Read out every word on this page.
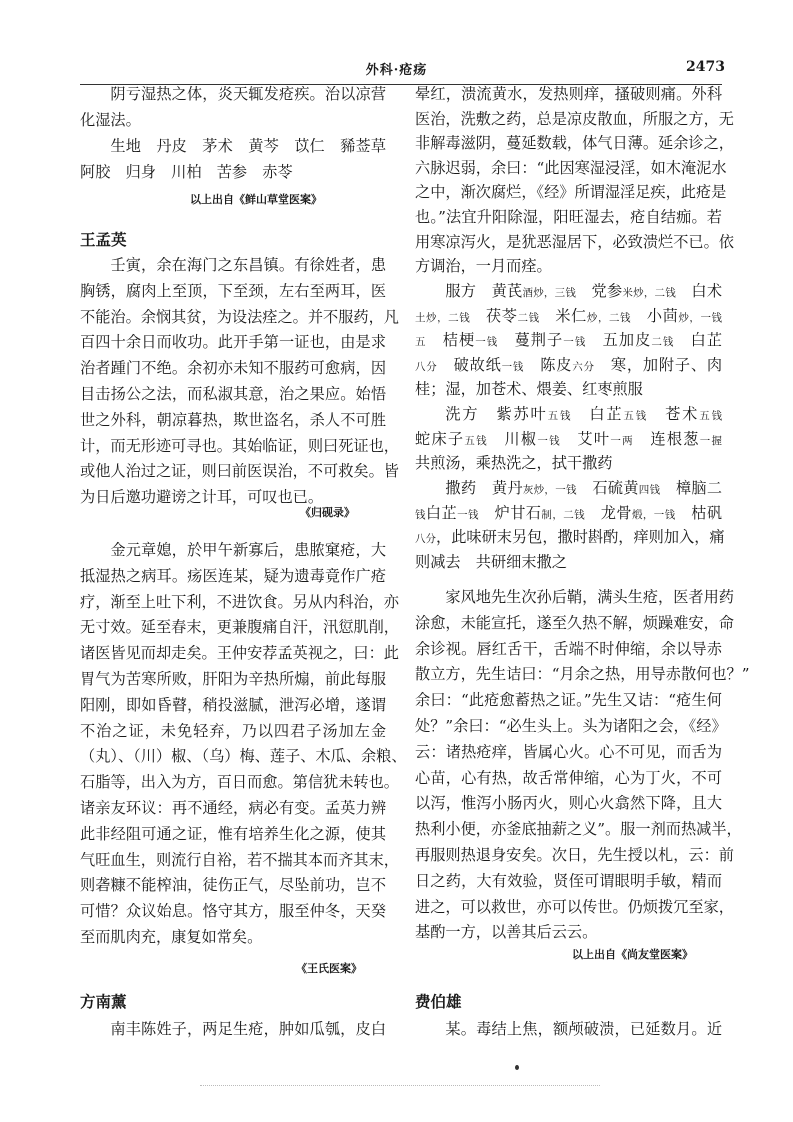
外科·疮疡	2473
阴亏湿热之体，炎天辄发疮疾。治以凉营
化湿法。
生地　丹皮　茅术　黄芩　苡仁　豨莶草
阿胶　归身　川柏　苦参　赤苓
以上出自《鲜山草堂医案》
王孟英
壬寅，余在海门之东昌镇。有徐姓者，患
胸锈，腐肉上至顶，下至颈，左右至两耳，医
不能治。余悯其贫，为设法痊之。并不服药，凡
百四十余日而收功。此开手第一证也，由是求
治者踵门不绝。余初亦未知不服药可愈病，因
目击扬公之法，而私淑其意，治之果应。始悟
世之外科，朝凉暮热，欺世盗名，杀人不可胜
计，而无形迹可寻也。其始临证，则曰死证也，
或他人治过之证，则曰前医误治，不可救矣。皆
为日后邀功避谤之计耳，可叹也已。
《归砚录》
金元章媳，於甲午新寡后，患脓窠疮，大
抵湿热之病耳。疡医连某，疑为遗毒竟作广疮
疗，渐至上吐下利，不进饮食。另从内科治，亦
无寸效。延至春末，更兼腹痛自汗，汛愆肌削，
诸医皆见而却走矣。王仲安荐孟英视之，曰：此
胃气为苦寒所败，肝阳为辛热所煽，前此每服
阳刚，即如昏瞽，稍投滋腻，泄泻必增，遂谓
不治之证，未免轻弃，乃以四君子汤加左金
（丸）、（川）椒、（乌）梅、莲子、木瓜、余粮、
石脂等，出入为方，百日而愈。第信犹未转也。
诸亲友环议：再不通经，病必有变。孟英力辨
此非经阻可通之证，惟有培养生化之源，使其
气旺血生，则流行自裕，若不揣其本而齐其末，
则砻糠不能榨油，徒伤正气，尽坠前功，岂不
可惜？众议始息。恪守其方，服至仲冬，天癸
至而肌肉充，康复如常矣。
《王氏医案》
方南薰
南丰陈姓子，两足生疮，肿如瓜瓠，皮白
晕红，溃流黄水，发热则痒，搔破则痛。外科
医治，洗敷之药，总是凉皮散血，所服之方，无
非解毒滋阴，蔓延数载，体气日薄。延余诊之，
六脉迟弱，余曰：“此因寒湿浸淫，如木淹泥水
之中，渐次腐烂，《经》所谓湿淫足疾，此疮是
也。”法宜升阳除湿，阳旺湿去，疮自结痂。若
用寒凉泻火，是犹恶湿居下，必致溃烂不已。依
方调治，一月而痊。
服方　黄芪酒炒，三钱　党参米炒，二钱　白术
土炒，二钱　茯苓二钱　米仁炒，二钱　小茴炒，一钱
五　桔梗一钱　蔓荆子一钱　五加皮二钱　白芷
八分　破故纸一钱　陈皮六分　寒，加附子、肉
桂；湿，加苍术、煨姜、红枣煎服
洗方　紫苏叶五钱　白芷五钱　苍术五钱
蛇床子五钱　川椒一钱　艾叶一两　连根葱一握
共煎汤，乘热洗之，拭干撒药
撒药　黄丹灰炒，一钱　石硫黄四钱　樟脑二
钱白芷一钱　炉甘石制，二钱　龙骨煅，一钱　枯矾
八分，此味研末另包，撒时斟酌，痒则加入，痛
则减去　共研细末撒之
家风地先生次孙后鞘，满头生疮，医者用药
涂愈，未能宣托，遂至久热不解，烦躁难安，命
余诊视。唇红舌干，舌端不时伸缩，余以导赤
散立方，先生诘曰：“月余之热，用导赤散何也？”
余曰：“此疮愈蓄热之证。”先生又诘：“疮生何
处？”余曰：“必生头上。头为诸阳之会，《经》
云：诸热疮痒，皆属心火。心不可见，而舌为
心苗，心有热，故舌常伸缩，心为丁火，不可
以泻，惟泻小肠丙火，则心火翕然下降，且大
热利小便，亦釜底抽薪之义”。服一剂而热减半，
再服则热退身安矣。次日，先生授以札，云：前
日之药，大有效验，贤侄可谓眼明手敏，精而
进之，可以救世，亦可以传世。仍烦拨冗至家，
基酌一方，以善其后云云。
以上出自《尚友堂医案》
费伯雄
某。毒结上焦，额颅破溃，已延数月。近
